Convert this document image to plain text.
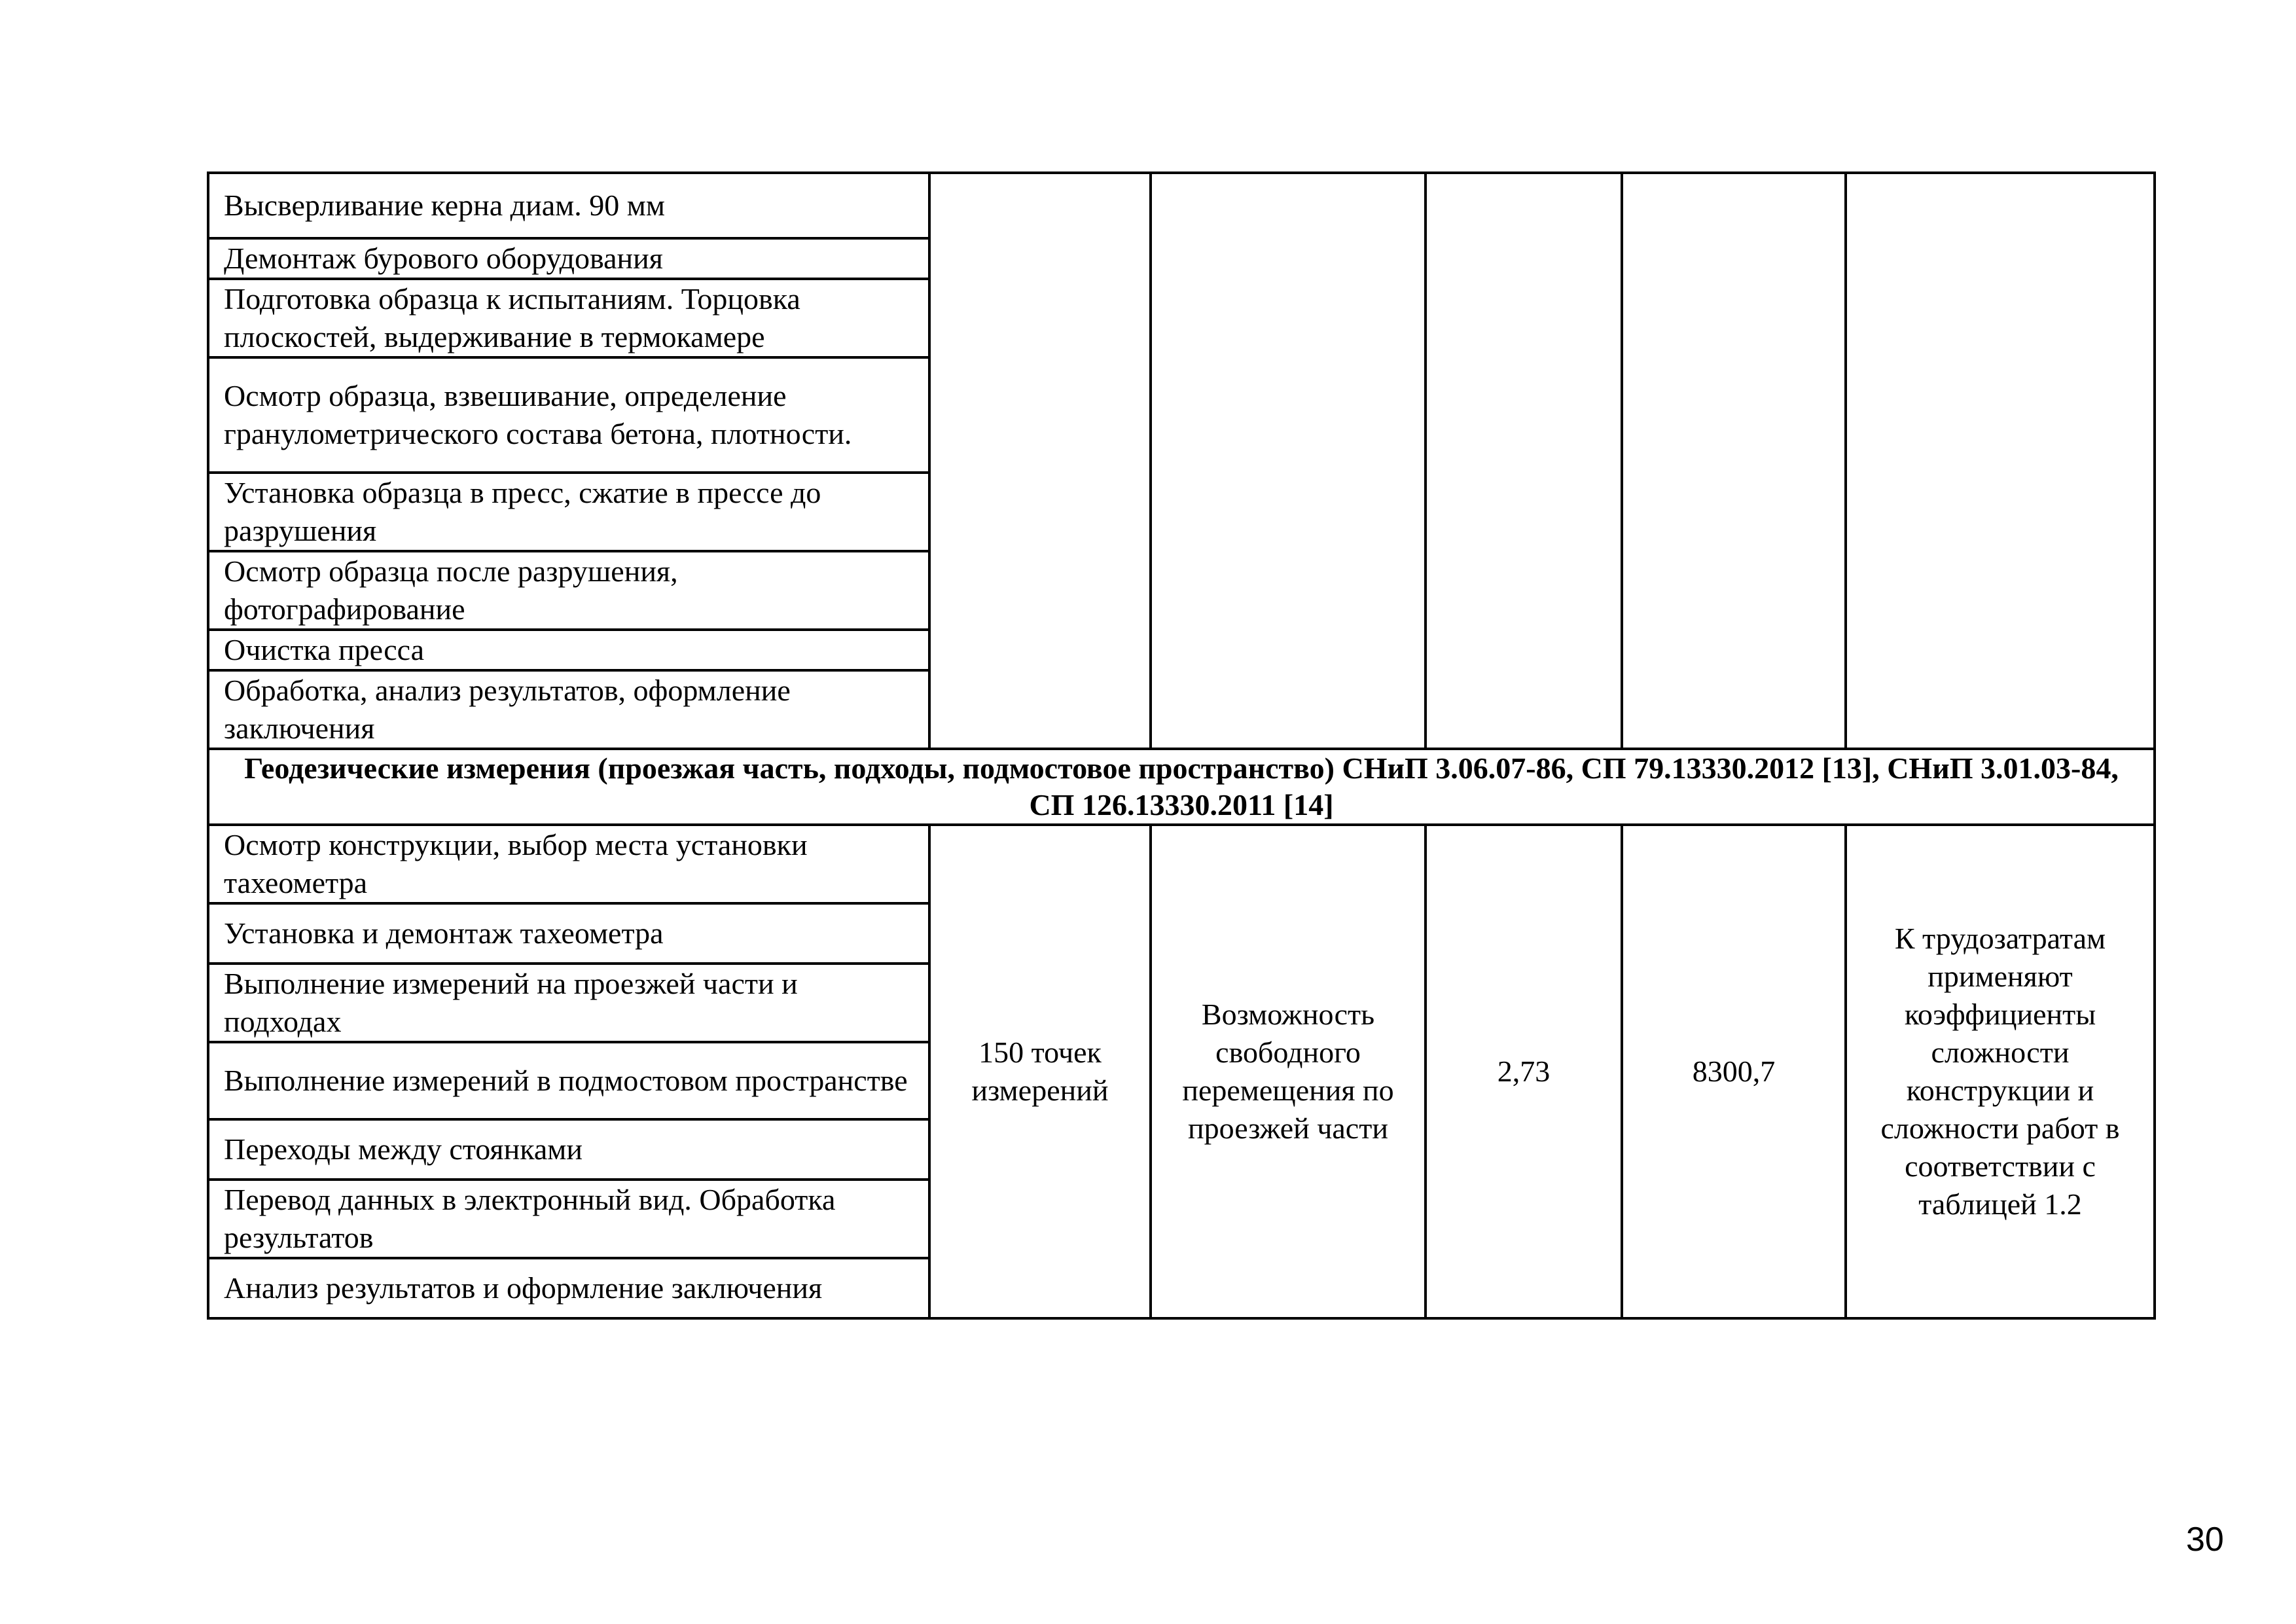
Высверливание керна диам. 90 мм					
Демонтаж бурового оборудования					
Подготовка образца к испытаниям. Торцовка плоскостей, выдерживание в термокамере					
Осмотр образца, взвешивание, определение гранулометрического состава бетона, плотности.					
Установка образца в пресс, сжатие в прессе до разрушения					
Осмотр образца после разрушения, фотографирование					
Очистка пресса					
Обработка, анализ результатов, оформление заключения					
Геодезические измерения (проезжая часть, подходы, подмостовое пространство) СНиП 3.06.07-86, СП 79.13330.2012 [13], СНиП 3.01.03-84, СП 126.13330.2011 [14]					
Осмотр конструкции, выбор места установки тахеометра	150 точек измерений	Возможность свободного перемещения по проезжей части	2,73	8300,7	К трудозатратам применяют коэффициенты сложности конструкции и сложности работ в соответствии с таблицей 1.2
Установка и демонтаж тахеометра					
Выполнение измерений на проезжей части и подходах					
Выполнение измерений в подмостовом пространстве					
Переходы между стоянками					
Перевод данных в электронный вид. Обработка результатов					
Анализ результатов и оформление заключения					
30
